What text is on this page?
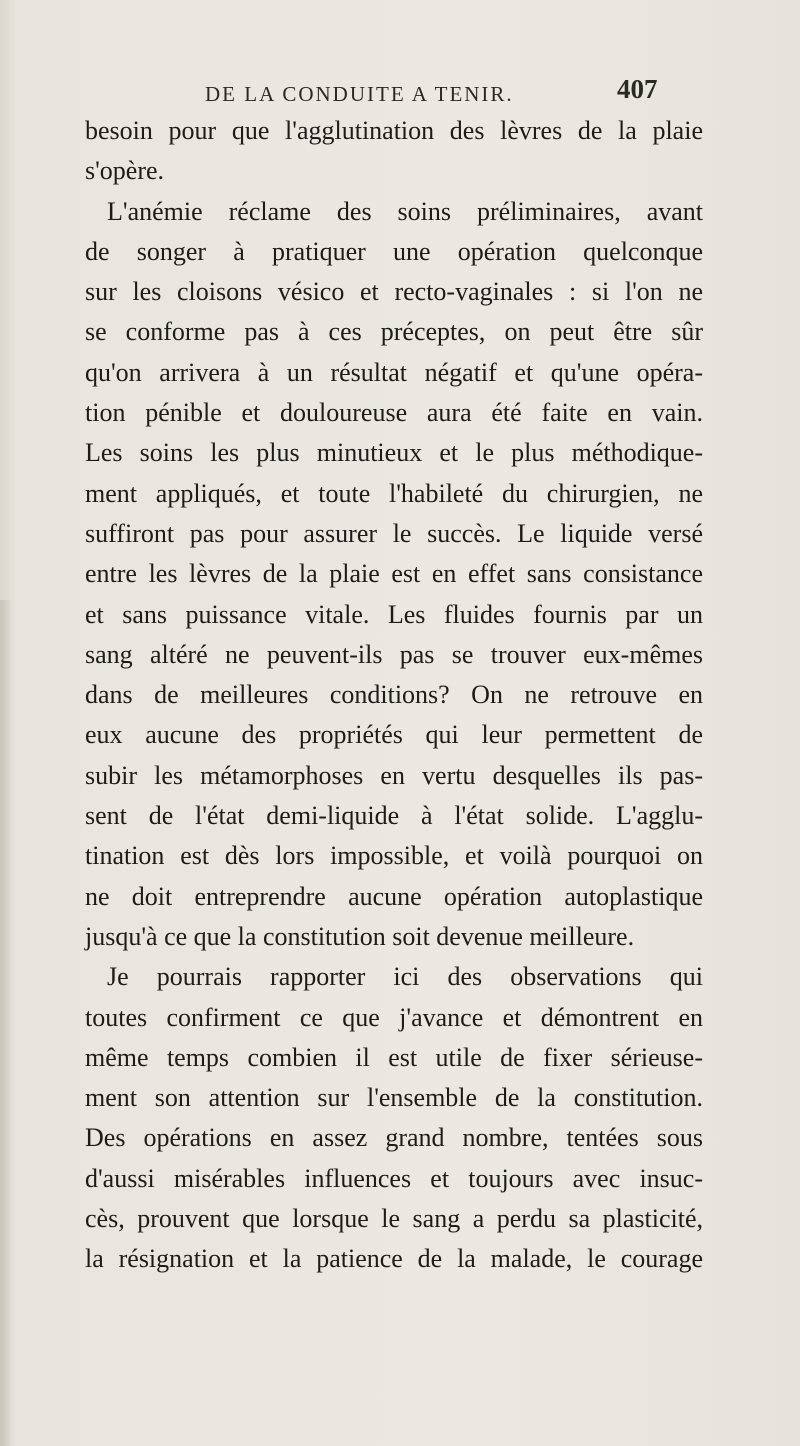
DE LA CONDUITE A TENIR.	407
besoin pour que l'agglutination des lèvres de la plaie
s'opère.
L'anémie réclame des soins préliminaires, avant
de songer à pratiquer une opération quelconque
sur les cloisons vésico et recto-vaginales : si l'on ne
se conforme pas à ces préceptes, on peut être sûr
qu'on arrivera à un résultat négatif et qu'une opéra-
tion pénible et douloureuse aura été faite en vain.
Les soins les plus minutieux et le plus méthodique-
ment appliqués, et toute l'habileté du chirurgien, ne
suffiront pas pour assurer le succès. Le liquide versé
entre les lèvres de la plaie est en effet sans consistance
et sans puissance vitale. Les fluides fournis par un
sang altéré ne peuvent-ils pas se trouver eux-mêmes
dans de meilleures conditions? On ne retrouve en
eux aucune des propriétés qui leur permettent de
subir les métamorphoses en vertu desquelles ils pas-
sent de l'état demi-liquide à l'état solide. L'agglu-
tination est dès lors impossible, et voilà pourquoi on
ne doit entreprendre aucune opération autoplastique
jusqu'à ce que la constitution soit devenue meilleure.
Je pourrais rapporter ici des observations qui
toutes confirment ce que j'avance et démontrent en
même temps combien il est utile de fixer sérieuse-
ment son attention sur l'ensemble de la constitution.
Des opérations en assez grand nombre, tentées sous
d'aussi misérables influences et toujours avec insuc-
cès, prouvent que lorsque le sang a perdu sa plasticité,
la résignation et la patience de la malade, le courage
